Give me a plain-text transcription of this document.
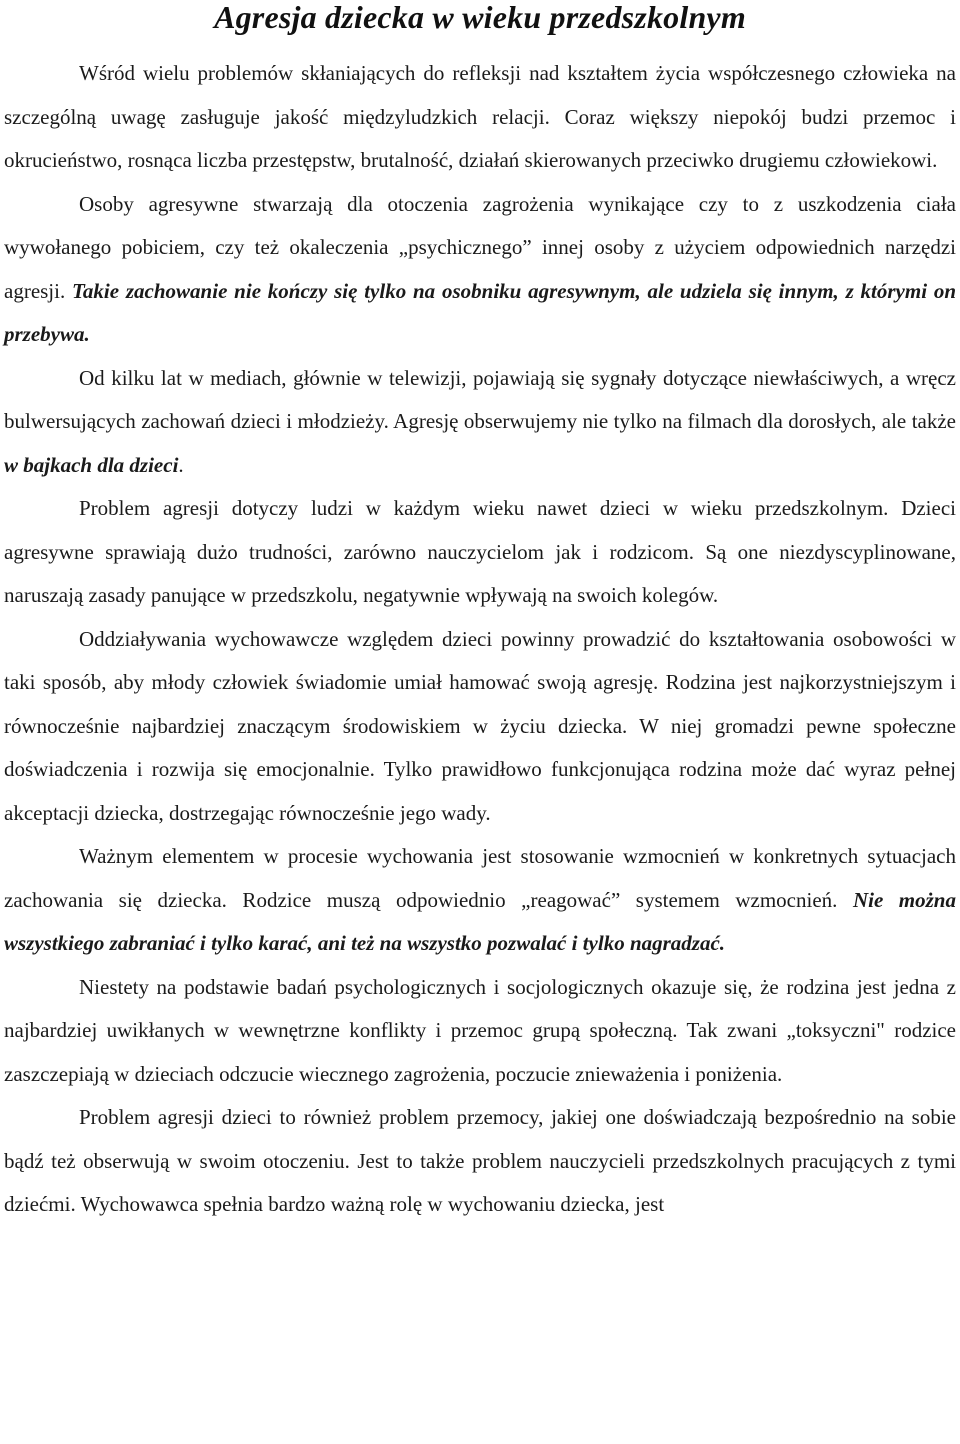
Agresja dziecka w wieku przedszkolnym

Wśród wielu problemów skłaniających do refleksji nad kształtem życia współczesnego człowieka na szczególną uwagę zasługuje jakość międzyludzkich relacji. Coraz większy niepokój budzi przemoc i okrucieństwo, rosnąca liczba przestępstw, brutalność, działań skierowanych przeciwko drugiemu człowiekowi.

Osoby agresywne stwarzają dla otoczenia zagrożenia wynikające czy to z uszkodzenia ciała wywołanego pobiciem, czy też okaleczenia „psychicznego” innej osoby z użyciem odpowiednich narzędzi agresji. Takie zachowanie nie kończy się tylko na osobniku agresywnym, ale udziela się innym, z którymi on przebywa.

Od kilku lat w mediach, głównie w telewizji, pojawiają się sygnały dotyczące niewłaściwych, a wręcz bulwersujących zachowań dzieci i młodzieży. Agresję obserwujemy nie tylko na filmach dla dorosłych, ale także w bajkach dla dzieci.

Problem agresji dotyczy ludzi w każdym wieku nawet dzieci w wieku przedszkolnym. Dzieci agresywne sprawiają dużo trudności, zarówno nauczycielom jak i rodzicom. Są one niezdyscyplinowane, naruszają zasady panujące w przedszkolu, negatywnie wpływają na swoich kolegów.

Oddziaływania wychowawcze względem dzieci powinny prowadzić do kształtowania osobowości w taki sposób, aby młody człowiek świadomie umiał hamować swoją agresję. Rodzina jest najkorzystniejszym i równocześnie najbardziej znaczącym środowiskiem w życiu dziecka. W niej gromadzi pewne społeczne doświadczenia i rozwija się emocjonalnie. Tylko prawidłowo funkcjonująca rodzina może dać wyraz pełnej akceptacji dziecka, dostrzegając równocześnie jego wady.

Ważnym elementem w procesie wychowania jest stosowanie wzmocnień w konkretnych sytuacjach zachowania się dziecka. Rodzice muszą odpowiednio „reagować” systemem wzmocnień. Nie można wszystkiego zabraniać i tylko karać, ani też na wszystko pozwalać i tylko nagradzać.

Niestety na podstawie badań psychologicznych i socjologicznych okazuje się, że rodzina jest jedna z najbardziej uwikłanych w wewnętrzne konflikty i przemoc grupą społeczną. Tak zwani „toksyczni" rodzice zaszczepiają w dzieciach odczucie wiecznego zagrożenia, poczucie znieważenia i poniżenia.

Problem agresji dzieci to również problem przemocy, jakiej one doświadczają bezpośrednio na sobie bądź też obserwują w swoim otoczeniu. Jest to także problem nauczycieli przedszkolnych pracujących z tymi dziećmi. Wychowawca spełnia bardzo ważną rolę w wychowaniu dziecka, jest
